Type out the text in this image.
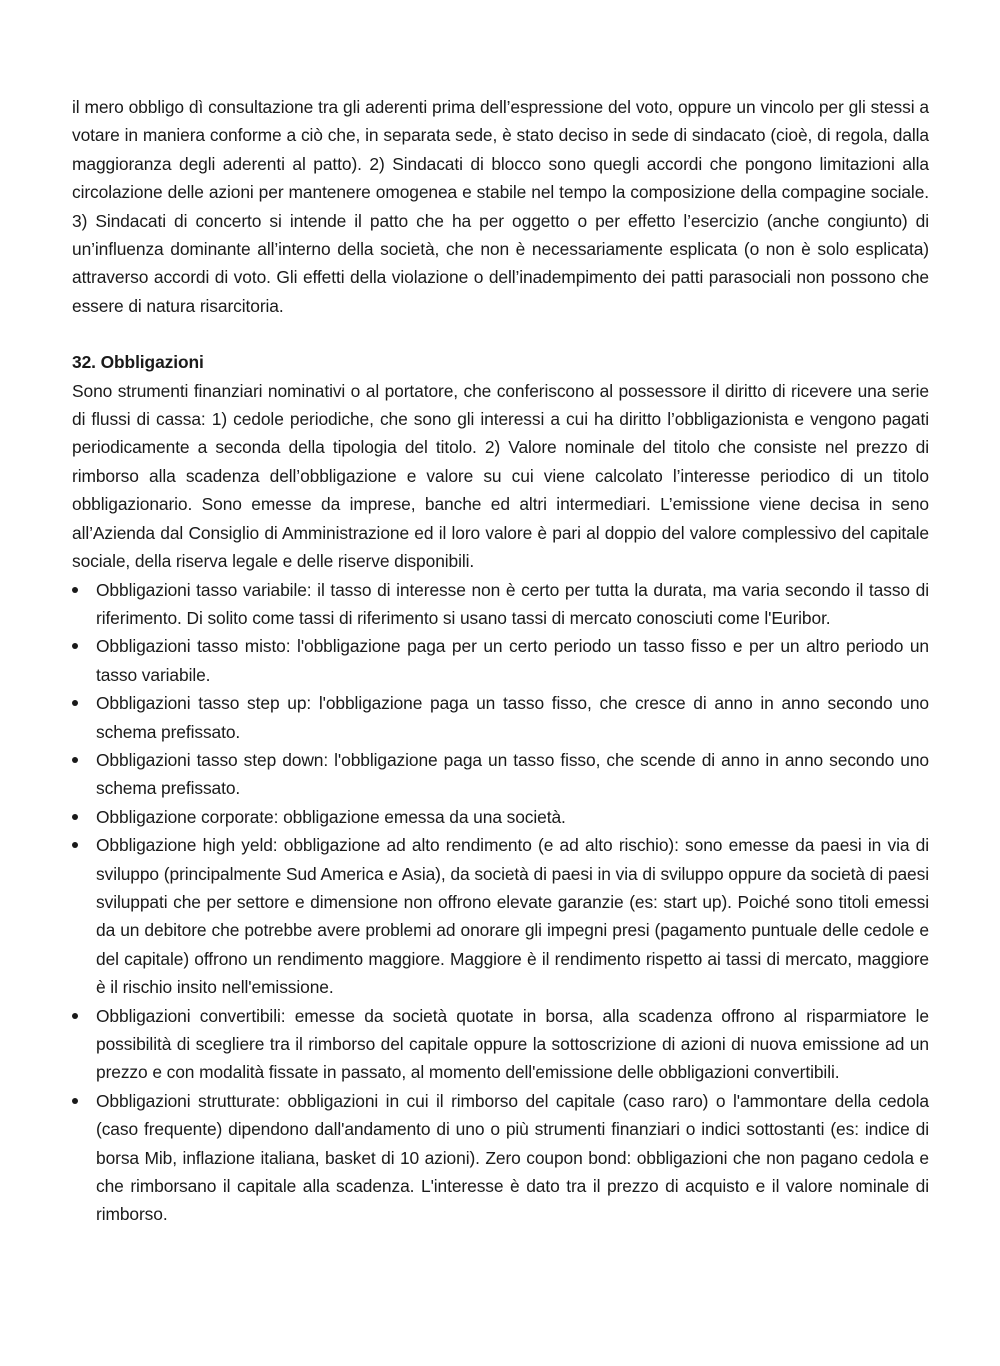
il mero obbligo dì consultazione tra gli aderenti prima dell’espressione del voto, oppure un vincolo per gli stessi a votare in maniera conforme a ciò che, in separata sede, è stato deciso in sede di sindacato (cioè, di regola, dalla maggioranza degli aderenti al patto). 2) Sindacati di blocco sono quegli accordi che pongono limitazioni alla circolazione delle azioni per mantenere omogenea e stabile nel tempo la composizione della compagine sociale. 3) Sindacati di concerto si intende il patto che ha per oggetto o per effetto l’esercizio (anche congiunto) di un’influenza dominante all’interno della società, che non è necessariamente esplicata (o non è solo esplicata) attraverso accordi di voto. Gli effetti della violazione o dell’inadempimento dei patti parasociali non possono che essere di natura risarcitoria.

32. Obbligazioni

Sono strumenti finanziari nominativi o al portatore, che conferiscono al possessore il diritto di ricevere una serie di flussi di cassa: 1) cedole periodiche, che sono gli interessi a cui ha diritto l’obbligazionista e vengono pagati periodicamente a seconda della tipologia del titolo. 2) Valore nominale del titolo che consiste nel prezzo di rimborso alla scadenza dell’obbligazione e valore su cui viene calcolato l’interesse periodico di un titolo obbligazionario. Sono emesse da imprese, banche ed altri intermediari. L’emissione viene decisa in seno all’Azienda dal Consiglio di Amministrazione ed il loro valore è pari al doppio del valore complessivo del capitale sociale, della riserva legale e delle riserve disponibili.

Obbligazioni tasso variabile: il tasso di interesse non è certo per tutta la durata, ma varia secondo il tasso di riferimento. Di solito come tassi di riferimento si usano tassi di mercato conosciuti come l'Euribor.
Obbligazioni tasso misto: l'obbligazione paga per un certo periodo un tasso fisso e per un altro periodo un tasso variabile.
Obbligazioni tasso step up: l'obbligazione paga un tasso fisso, che cresce di anno in anno secondo uno schema prefissato.
Obbligazioni tasso step down: l'obbligazione paga un tasso fisso, che scende di anno in anno secondo uno schema prefissato.
Obbligazione corporate: obbligazione emessa da una società.
Obbligazione high yeld: obbligazione ad alto rendimento (e ad alto rischio): sono emesse da paesi in via di sviluppo (principalmente Sud America e Asia), da società di paesi in via di sviluppo oppure da società di paesi sviluppati che per settore e dimensione non offrono elevate garanzie (es: start up). Poiché sono titoli emessi da un debitore che potrebbe avere problemi ad onorare gli impegni presi (pagamento puntuale delle cedole e del capitale) offrono un rendimento maggiore. Maggiore è il rendimento rispetto ai tassi di mercato, maggiore è il rischio insito nell'emissione.
Obbligazioni convertibili: emesse da società quotate in borsa, alla scadenza offrono al risparmiatore le possibilità di scegliere tra il rimborso del capitale oppure la sottoscrizione di azioni di nuova emissione ad un prezzo e con modalità fissate in passato, al momento dell'emissione delle obbligazioni convertibili.
Obbligazioni strutturate: obbligazioni in cui il rimborso del capitale (caso raro) o l'ammontare della cedola (caso frequente) dipendono dall'andamento di uno o più strumenti finanziari o indici sottostanti (es: indice di borsa Mib, inflazione italiana, basket di 10 azioni). Zero coupon bond: obbligazioni che non pagano cedola e che rimborsano il capitale alla scadenza. L'interesse è dato tra il prezzo di acquisto e il valore nominale di rimborso.
